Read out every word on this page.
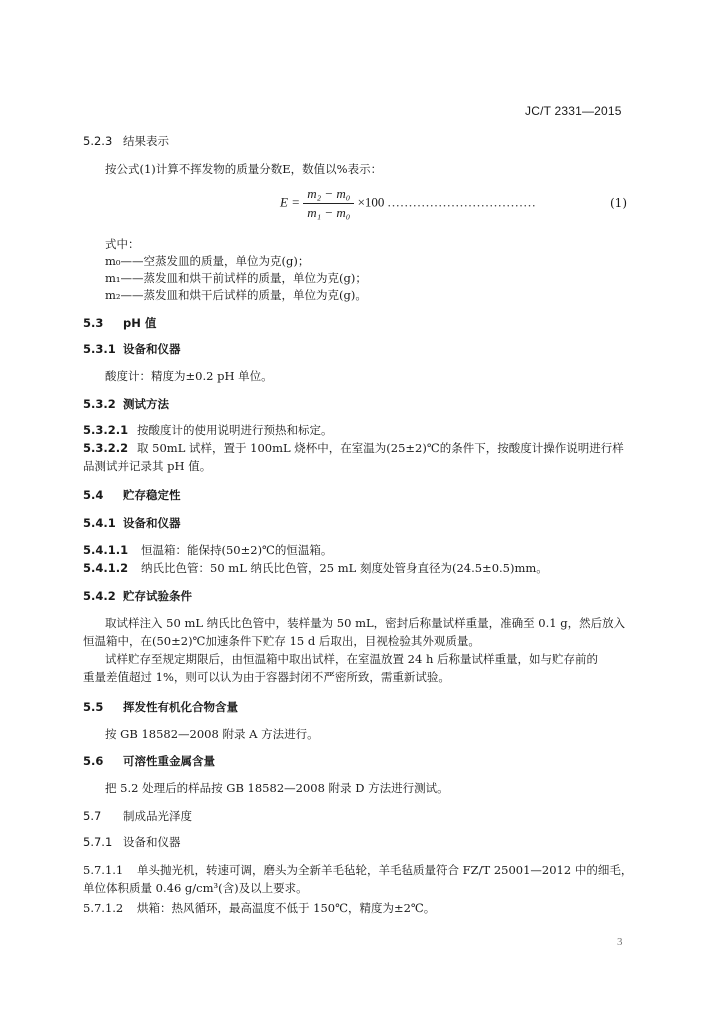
JC/T 2331—2015
5.2.3 结果表示
按公式(1)计算不挥发物的质量分数E，数值以%表示：
$E = \frac{\text{m₂ − m₀}}{\text{m₁ − m₀}} \times 100$ ...................................	(1)
式中：
m₀——空蒸发皿的质量，单位为克(g)；
m₁——蒸发皿和烘干前试样的质量，单位为克(g)；
m₂——蒸发皿和烘干后试样的质量，单位为克(g)。
5.3 pH 值
5.3.1 设备和仪器
酸度计：精度为±0.2 pH 单位。
5.3.2 测试方法
5.3.2.1 按酸度计的使用说明进行预热和标定。
5.3.2.2 取 50mL 试样，置于 100mL 烧杯中，在室温为(25±2)℃的条件下，按酸度计操作说明进行样
品测试并记录其 pH 值。
5.4 贮存稳定性
5.4.1 设备和仪器
5.4.1.1 恒温箱：能保持(50±2)℃的恒温箱。
5.4.1.2 纳氏比色管：50 mL 纳氏比色管，25 mL 刻度处管身直径为(24.5±0.5)mm。
5.4.2 贮存试验条件
取试样注入 50 mL 纳氏比色管中，装样量为 50 mL，密封后称量试样重量，准确至 0.1 g，然后放入
恒温箱中，在(50±2)℃加速条件下贮存 15 d 后取出，目视检验其外观质量。
试样贮存至规定期限后，由恒温箱中取出试样，在室温放置 24 h 后称量试样重量，如与贮存前的
重量差值超过 1%，则可以认为由于容器封闭不严密所致，需重新试验。
5.5 挥发性有机化合物含量
按 GB 18582—2008 附录 A 方法进行。
5.6 可溶性重金属含量
把 5.2 处理后的样品按 GB 18582—2008 附录 D 方法进行测试。
5.7 制成品光泽度
5.7.1 设备和仪器
5.7.1.1 单头抛光机，转速可调，磨头为全新羊毛毡轮，羊毛毡质量符合 FZ/T 25001—2012 中的细毛，
单位体积质量 0.46 g/cm³(含)及以上要求。
5.7.1.2 烘箱：热风循环，最高温度不低于 150℃，精度为±2℃。
3
